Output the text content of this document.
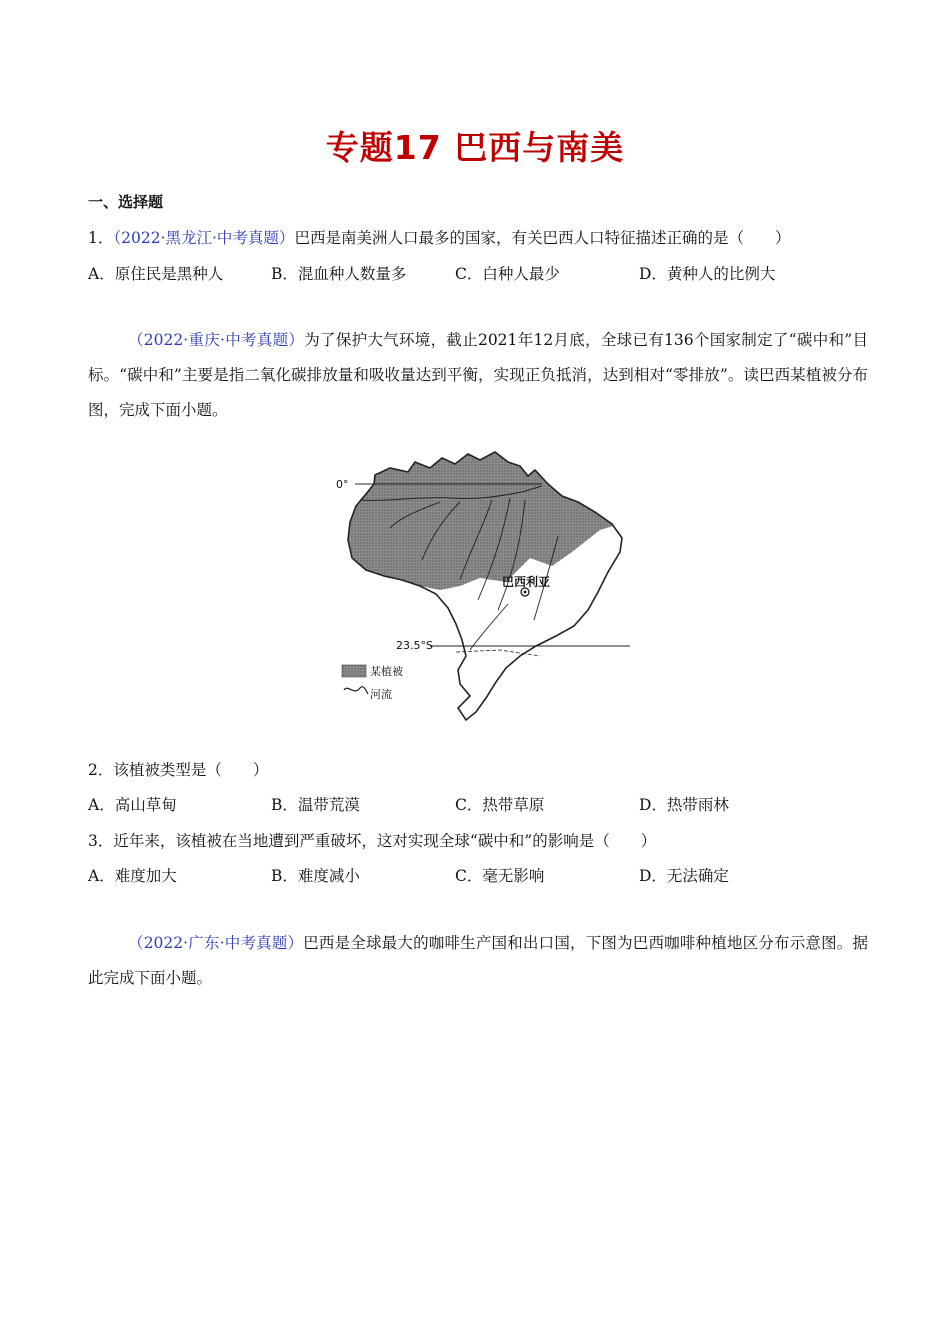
专题17 巴西与南美
一、选择题
1．（2022·黑龙江·中考真题）巴西是南美洲人口最多的国家，有关巴西人口特征描述正确的是（　　）
A．原住民是黑种人	B．混血种人数量多	C．白种人最少	D．黄种人的比例大
（2022·重庆·中考真题）为了保护大气环境，截止2021年12月底，全球已有136个国家制定了“碳中和”目标。“碳中和”主要是指二氧化碳排放量和吸收量达到平衡，实现正负抵消，达到相对“零排放”。读巴西某植被分布图，完成下面小题。
0°
23.5°S
巴西利亚
某植被
河流
2．该植被类型是（　　）
A．高山草甸	B．温带荒漠	C．热带草原	D．热带雨林
3．近年来，该植被在当地遭到严重破坏，这对实现全球“碳中和”的影响是（　　）
A．难度加大	B．难度减小	C．毫无影响	D．无法确定
（2022·广东·中考真题）巴西是全球最大的咖啡生产国和出口国，下图为巴西咖啡种植地区分布示意图。据此完成下面小题。
